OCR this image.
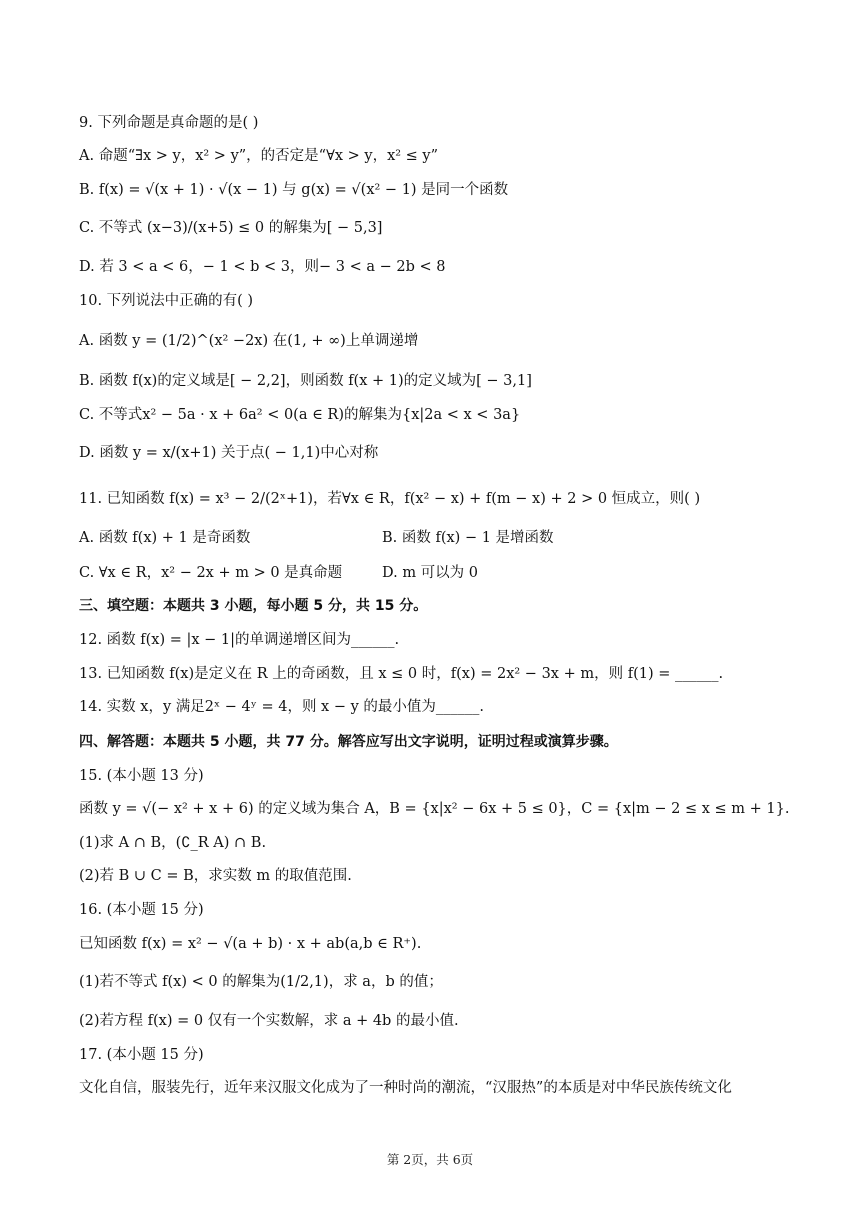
9. 下列命题是真命题的是( )
A. 命题“∃x > y，x² > y”，的否定是“∀x > y，x² ≤ y”
B. f(x) = √(x + 1) · √(x − 1) 与 g(x) = √(x² − 1) 是同一个函数
C. 不等式 (x−3)/(x+5) ≤ 0 的解集为[ − 5,3]
D. 若 3 < a < 6，− 1 < b < 3，则− 3 < a − 2b < 8
10. 下列说法中正确的有( )
A. 函数 y = (1/2)^(x² −2x) 在(1, + ∞)上单调递增
B. 函数 f(x)的定义域是[ − 2,2]，则函数 f(x + 1)的定义域为[ − 3,1]
C. 不等式x² − 5a · x + 6a² < 0(a ∈ R)的解集为{x|2a < x < 3a}
D. 函数 y = x/(x+1) 关于点( − 1,1)中心对称
11. 已知函数 f(x) = x³ − 2/(2ˣ+1)，若∀x ∈ R，f(x² − x) + f(m − x) + 2 > 0 恒成立，则( )
A. 函数 f(x) + 1 是奇函数	B. 函数 f(x) − 1 是增函数
C. ∀x ∈ R，x² − 2x + m > 0 是真命题	D. m 可以为 0
三、填空题：本题共 3 小题，每小题 5 分，共 15 分。
12. 函数 f(x) = |x − 1|的单调递增区间为______.
13. 已知函数 f(x)是定义在 R 上的奇函数，且 x ≤ 0 时，f(x) = 2x² − 3x + m，则 f(1) = ______.
14. 实数 x，y 满足2ˣ − 4ʸ = 4，则 x − y 的最小值为______.
四、解答题：本题共 5 小题，共 77 分。解答应写出文字说明，证明过程或演算步骤。
15. (本小题 13 分)
函数 y = √(− x² + x + 6) 的定义域为集合 A，B = {x|x² − 6x + 5 ≤ 0}，C = {x|m − 2 ≤ x ≤ m + 1}.
(1)求 A ∩ B，(∁_R A) ∩ B.
(2)若 B ∪ C = B，求实数 m 的取值范围.
16. (本小题 15 分)
已知函数 f(x) = x² − √(a + b) · x + ab(a,b ∈ R⁺).
(1)若不等式 f(x) < 0 的解集为(1/2,1)，求 a，b 的值；
(2)若方程 f(x) = 0 仅有一个实数解，求 a + 4b 的最小值.
17. (本小题 15 分)
文化自信，服装先行，近年来汉服文化成为了一种时尚的潮流，“汉服热”的本质是对中华民族传统文化
第 2页，共 6页
